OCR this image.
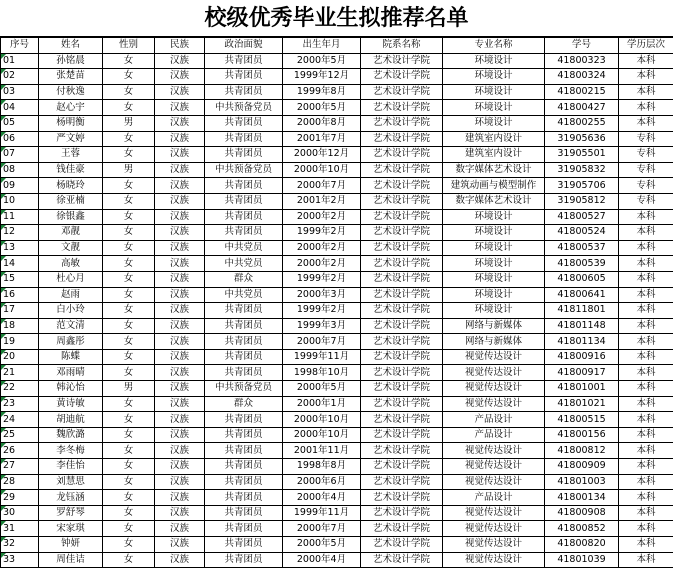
校级优秀毕业生拟推荐名单
序号	姓名	性别	民族	政治面貌	出生年月	院系名称	专业名称	学号	学历层次
01	孙铭晨	女	汉族	共青团员	2000年5月	艺术设计学院	环境设计	41800323	本科
02	张楚苗	女	汉族	共青团员	1999年12月	艺术设计学院	环境设计	41800324	本科
03	付秋逸	女	汉族	共青团员	1999年8月	艺术设计学院	环境设计	41800215	本科
04	赵心宇	女	汉族	中共预备党员	2000年5月	艺术设计学院	环境设计	41800427	本科
05	杨明衡	男	汉族	共青团员	2000年8月	艺术设计学院	环境设计	41800255	本科
06	严文婷	女	汉族	共青团员	2001年7月	艺术设计学院	建筑室内设计	31905636	专科
07	王蓉	女	汉族	共青团员	2000年12月	艺术设计学院	建筑室内设计	31905501	专科
08	钱佳豪	男	汉族	中共预备党员	2000年10月	艺术设计学院	数字媒体艺术设计	31905832	专科
09	杨晓玲	女	汉族	共青团员	2000年7月	艺术设计学院	建筑动画与模型制作	31905706	专科
10	徐亚楠	女	汉族	共青团员	2001年2月	艺术设计学院	数字媒体艺术设计	31905812	专科
11	徐银鑫	女	汉族	共青团员	2000年2月	艺术设计学院	环境设计	41800527	本科
12	邓靓	女	汉族	共青团员	1999年2月	艺术设计学院	环境设计	41800524	本科
13	文靓	女	汉族	中共党员	2000年2月	艺术设计学院	环境设计	41800537	本科
14	高敏	女	汉族	中共党员	2000年2月	艺术设计学院	环境设计	41800539	本科
15	杜心月	女	汉族	群众	1999年2月	艺术设计学院	环境设计	41800605	本科
16	赵雨	女	汉族	中共党员	2000年3月	艺术设计学院	环境设计	41800641	本科
17	白小玲	女	汉族	共青团员	1999年2月	艺术设计学院	环境设计	41811801	本科
18	范文清	女	汉族	共青团员	1999年3月	艺术设计学院	网络与新媒体	41801148	本科
19	周鑫彤	女	汉族	共青团员	2000年7月	艺术设计学院	网络与新媒体	41801134	本科
20	陈蝶	女	汉族	共青团员	1999年11月	艺术设计学院	视觉传达设计	41800916	本科
21	邓雨晴	女	汉族	共青团员	1998年10月	艺术设计学院	视觉传达设计	41800917	本科
22	韩沁怡	男	汉族	中共预备党员	2000年5月	艺术设计学院	视觉传达设计	41801001	本科
23	黄诗敏	女	汉族	群众	2000年1月	艺术设计学院	视觉传达设计	41801021	本科
24	胡迪航	女	汉族	共青团员	2000年10月	艺术设计学院	产品设计	41800515	本科
25	魏欣潞	女	汉族	共青团员	2000年10月	艺术设计学院	产品设计	41800156	本科
26	李冬梅	女	汉族	共青团员	2001年11月	艺术设计学院	视觉传达设计	41800812	本科
27	李佳怡	女	汉族	共青团员	1998年8月	艺术设计学院	视觉传达设计	41800909	本科
28	刘慧思	女	汉族	共青团员	2000年6月	艺术设计学院	视觉传达设计	41801003	本科
29	龙钰涵	女	汉族	共青团员	2000年4月	艺术设计学院	产品设计	41800134	本科
30	罗舒琴	女	汉族	共青团员	1999年11月	艺术设计学院	视觉传达设计	41800908	本科
31	宋家琪	女	汉族	共青团员	2000年7月	艺术设计学院	视觉传达设计	41800852	本科
32	钟妍	女	汉族	共青团员	2000年5月	艺术设计学院	视觉传达设计	41800820	本科
33	周佳诘	女	汉族	共青团员	2000年4月	艺术设计学院	视觉传达设计	41801039	本科
